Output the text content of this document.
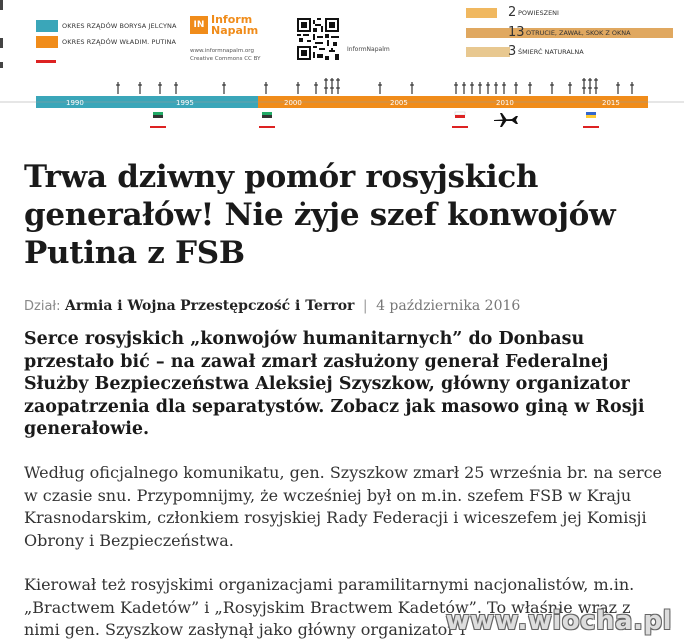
OKRES RZĄDÓW BORYSA JELCYNA
OKRES RZĄDÓW WŁADIM. PUTINA
IN Inform
Napalm
www.informnapalm.org
Creative Commons CC BY
InformNapalm
2 POWIESZENI
13 OTRUCIE, ZAWAŁ, SKOK Z OKNA
3 ŚMIERĆ NATURALNA
1990	1995	2000	2005	2010	2015
Trwa dziwny pomór rosyjskich generałów! Nie żyje szef konwojów Putina z FSB
Dział: Armia i Wojna Przestępczość i Terror | 4 października 2016

Serce rosyjskich „konwojów humanitarnych” do Donbasu przestało bić – na zawał zmarł zasłużony generał Federalnej Służby Bezpieczeństwa Aleksiej Szyszkow, główny organizator zaopatrzenia dla separatystów. Zobacz jak masowo giną w Rosji generałowie.

Według oficjalnego komunikatu, gen. Szyszkow zmarł 25 września br. na serce w czasie snu. Przypomnijmy, że wcześniej był on m.in. szefem FSB w Kraju Krasnodarskim, członkiem rosyjskiej Rady Federacji i wiceszefem jej Komisji Obrony i Bezpieczeństwa.

Kierował też rosyjskimi organizacjami paramilitarnymi nacjonalistów, m.in. „Bractwem Kadetów” i „Rosyjskim Bractwem Kadetów”. To właśnie wraz z nimi gen. Szyszkow zasłynął jako główny organizator i

www.wiocha.pl
